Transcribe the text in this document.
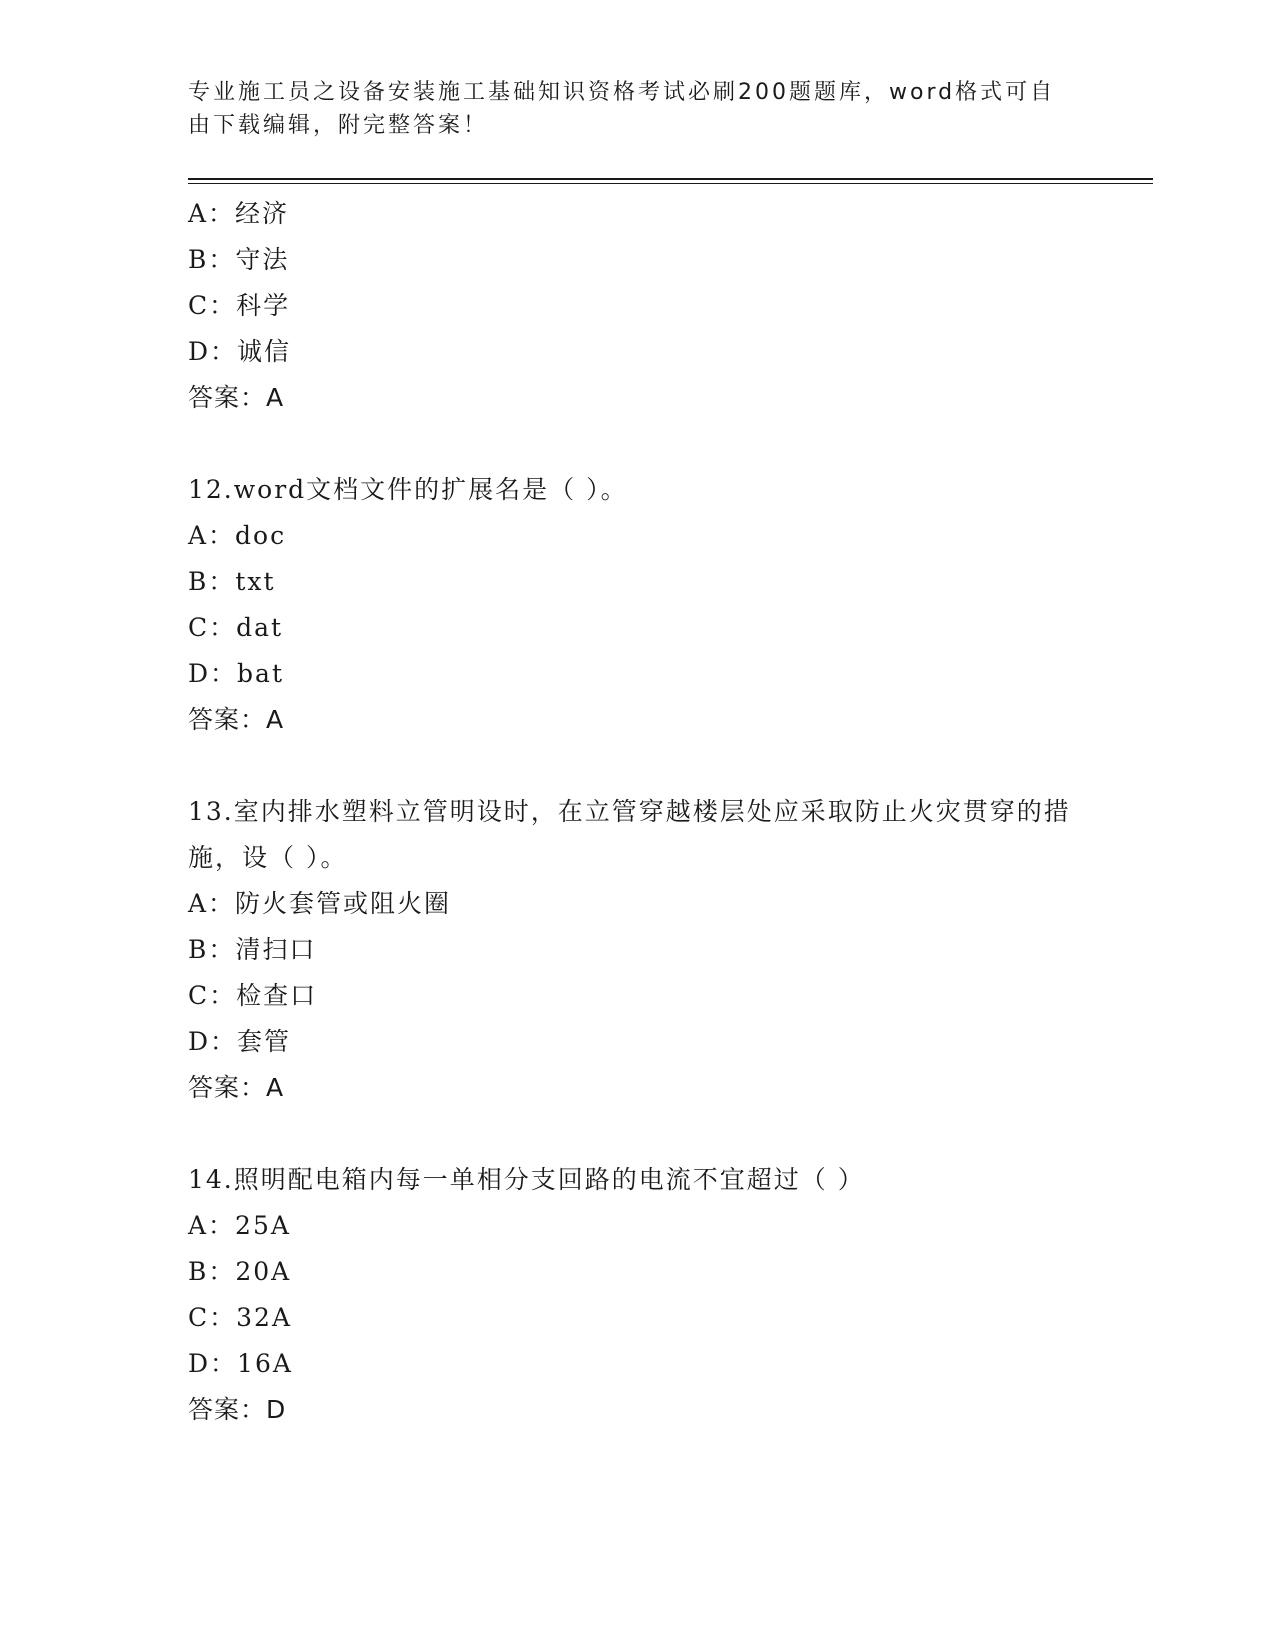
专业施工员之设备安装施工基础知识资格考试必刷200题题库，word格式可自由下载编辑，附完整答案！
A：经济
B：守法
C：科学
D：诚信
答案：A
12.word文档文件的扩展名是（ ）。
A：doc
B：txt
C：dat
D：bat
答案：A
13.室内排水塑料立管明设时，在立管穿越楼层处应采取防止火灾贯穿的措施，设（ ）。
A：防火套管或阻火圈
B：清扫口
C：检查口
D：套管
答案：A
14.照明配电箱内每一单相分支回路的电流不宜超过（ ）
A：25A
B：20A
C：32A
D：16A
答案：D
